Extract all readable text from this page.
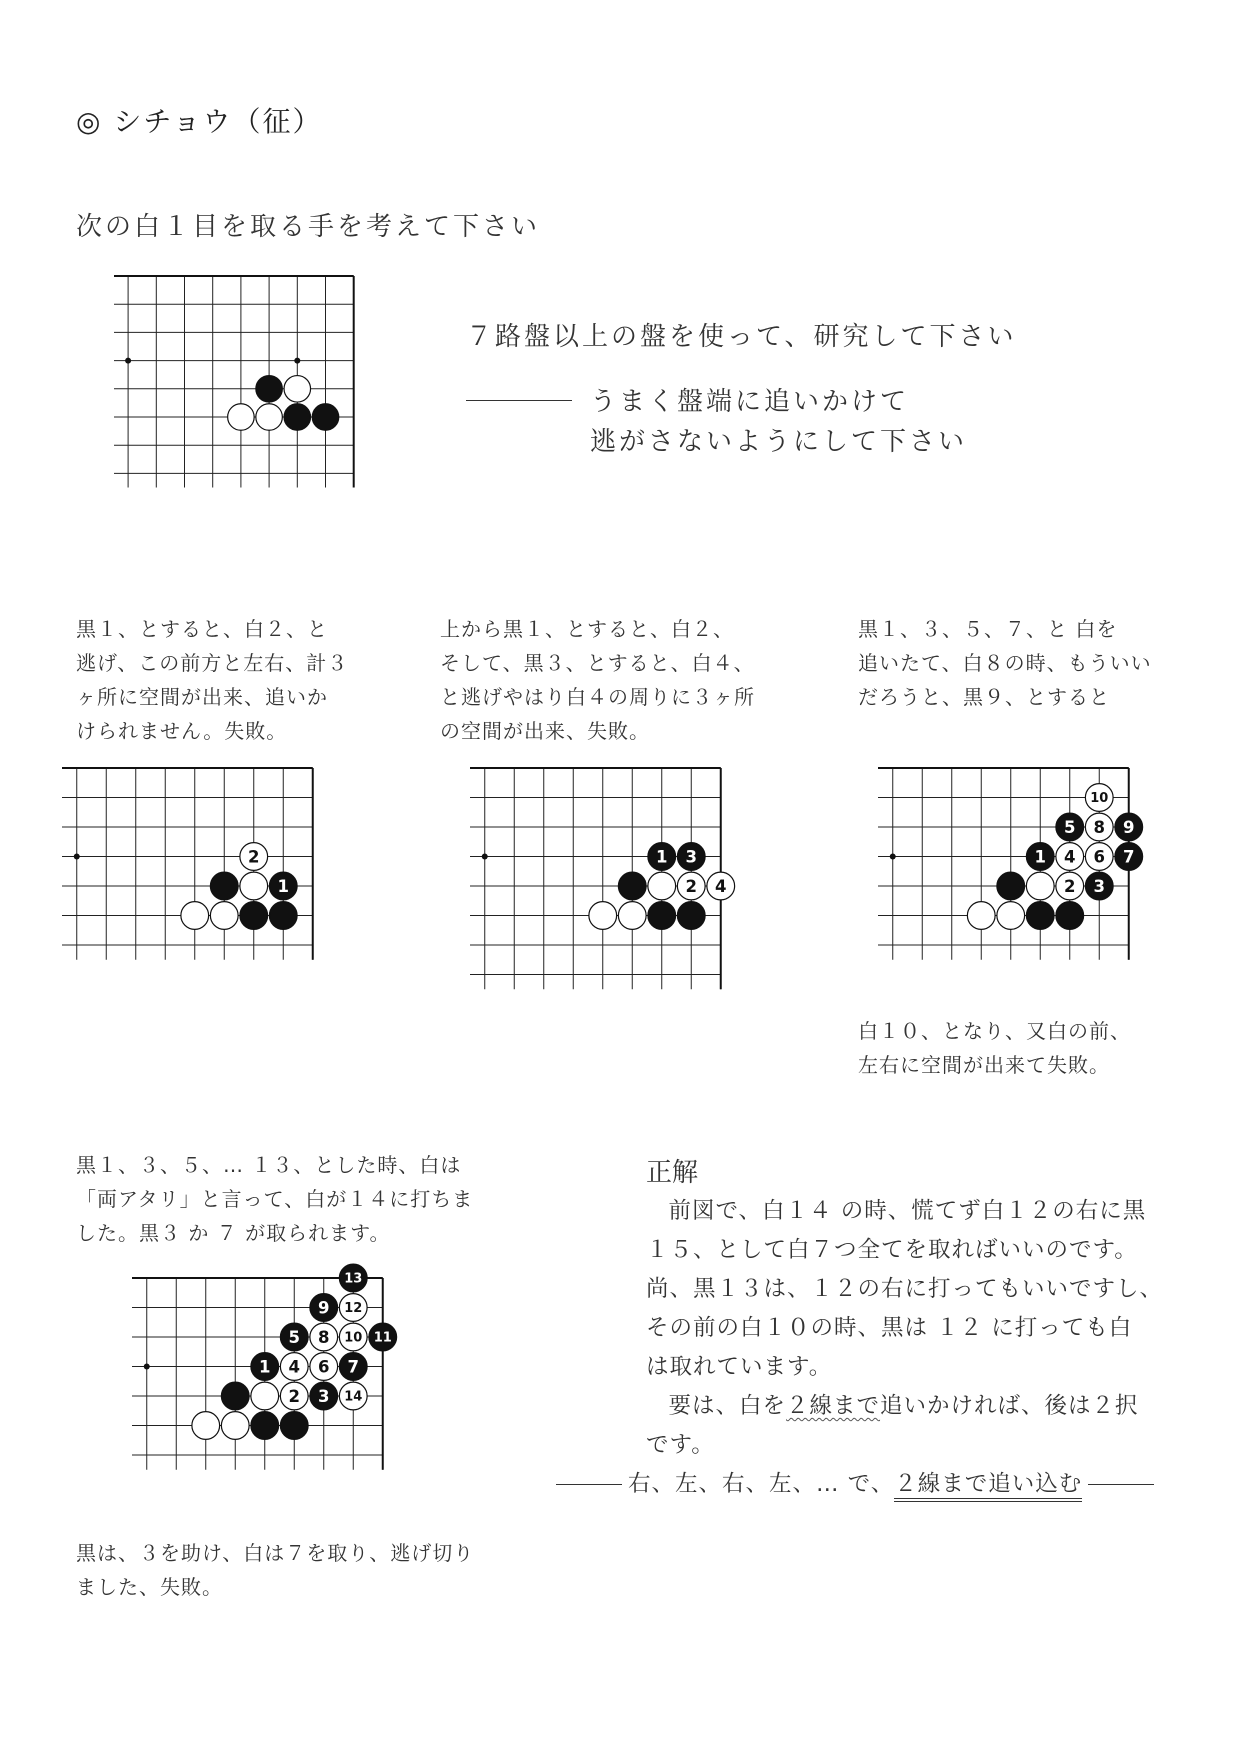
◎ シチョウ（征）
次の白１目を取る手を考えて下さい
７路盤以上の盤を使って、研究して下さい
うまく盤端に追いかけて
逃がさないようにして下さい

黒１、とすると、白２、と

逃げ、この前方と左右、計３

ヶ所に空間が出来、追いか

けられません。失敗。

2
1

上から黒１、とすると、白２、

そして、黒３、とすると、白４、

と逃げやはり白４の周りに３ヶ所

の空間が出来、失敗。

1 3
2 4

黒１、３、５、７、と 白を

追いたて、白８の時、もういい

だろうと、黒９、とすると

10
5 8 9
1 4 6 7
2 3

白１０、となり、又白の前、

左右に空間が出来て失敗。

黒１、３、５、… １３、とした時、白は

「両アタリ」と言って、白が１４に打ちま

した。黒３ か ７ が取られます。

13
9 12
5 8 10 11
1 4 6 7
2 3 14

黒は、３を助け、白は７を取り、逃げ切り

ました、失敗。

正解

前図で、白１４ の時、慌てず白１２の右に黒

１５、として白７つ全てを取ればいいのです。

尚、黒１３は、１２の右に打ってもいいですし、

その前の白１０の時、黒は １２ に打っても白

は取れています。

要は、白を２線まで追いかければ、後は２択

です。

右、左、右、左、… で、２線まで追い込む
